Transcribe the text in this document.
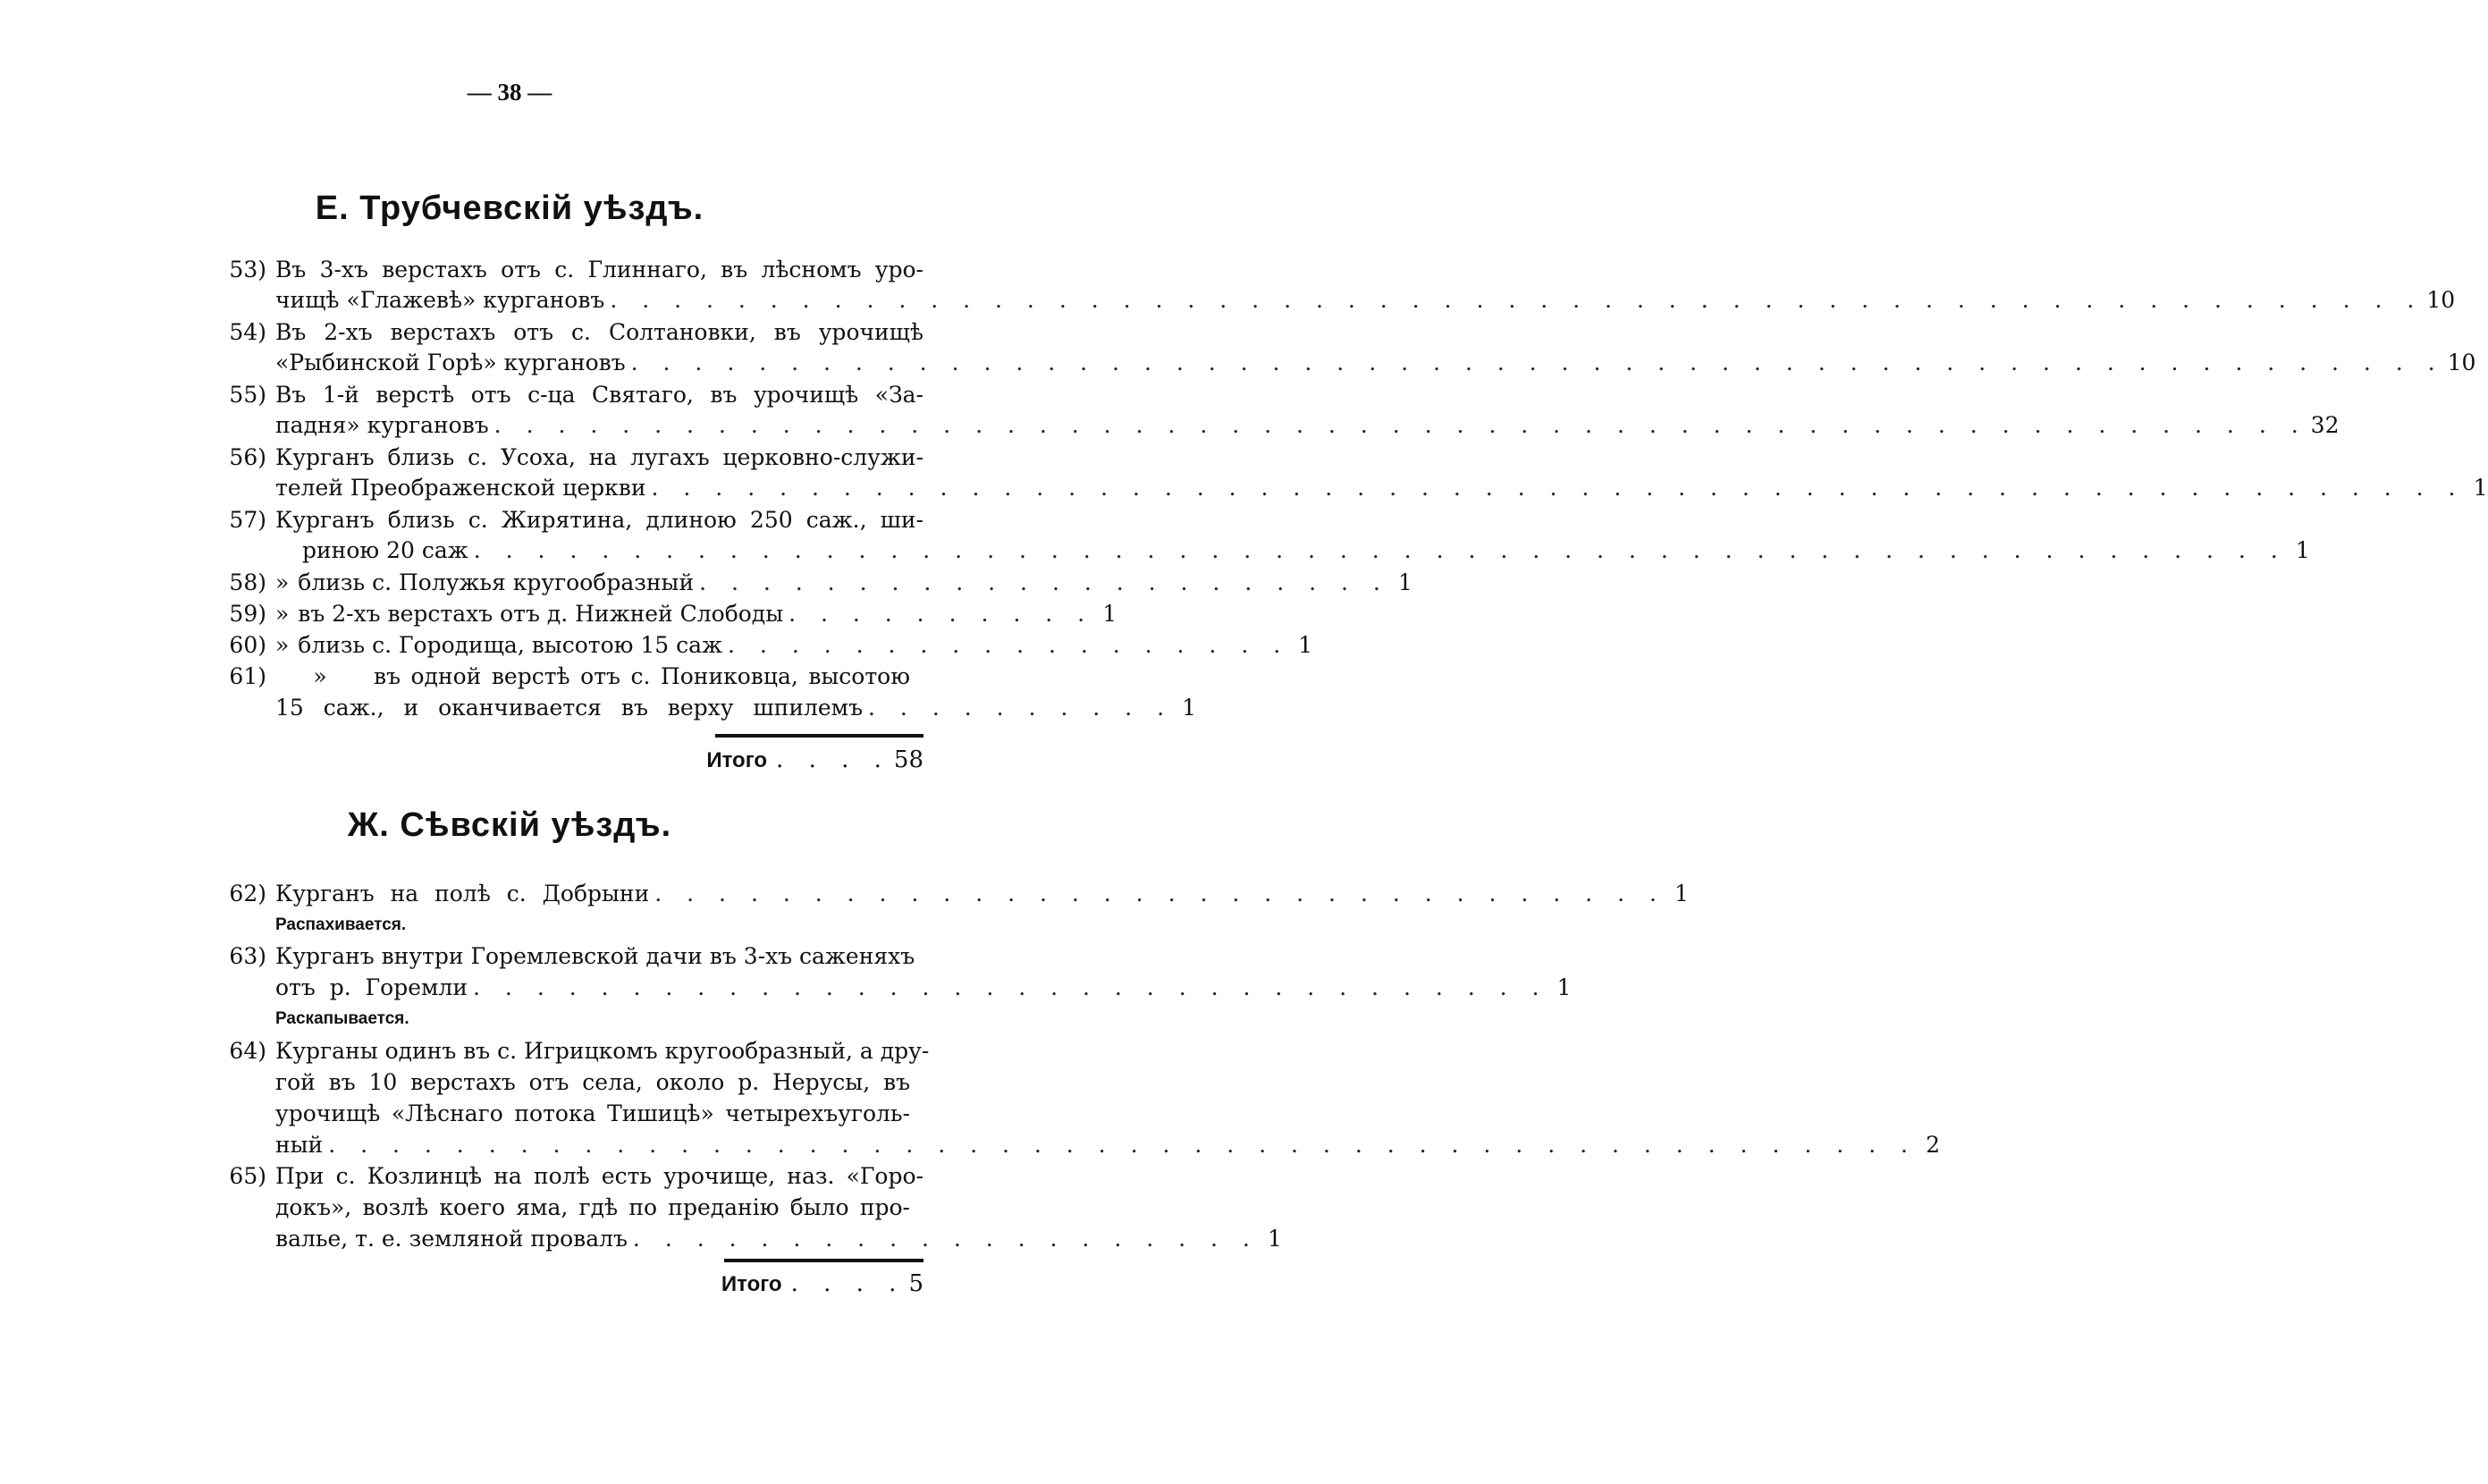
— 38 —
Е. Трубчевскій уѣздъ.
53) Въ 3-хъ верстахъ отъ с. Глиннаго, въ лѣсномъ уро-
чищѣ «Глажевѣ» кургановъ . . . . . . . . . . . . . . . . . . . . . . . . . . . . . . . . . . . . . . . . . . . . . . . . . . . . . . . . . 10
54) Въ 2-хъ верстахъ отъ с. Солтановки, въ урочищѣ
«Рыбинской Горѣ» кургановъ . . . . . . . . . . . . . . . . . . . . . . . . . . . . . . . . . . . . . . . . . . . . . . . . . . . . . . . . . 10
55) Въ 1-й верстѣ отъ с-ца Святаго, въ урочищѣ «За-
падня» кургановъ . . . . . . . . . . . . . . . . . . . . . . . . . . . . . . . . . . . . . . . . . . . . . . . . . . . . . . . . . 32
56) Курганъ близь с. Усоха, на лугахъ церковно-служи-
телей Преображенской церкви . . . . . . . . . . . . . . . . . . . . . . . . . . . . . . . . . . . . . . . . . . . . . . . . . . . . . . . . . 1
57) Курганъ близь с. Жирятина, длиною 250 саж., ши-
риною 20 саж . . . . . . . . . . . . . . . . . . . . . . . . . . . . . . . . . . . . . . . . . . . . . . . . . . . . . . . . . 1
58) » близь с. Полужья кругообразный . . . . . . . . . . . . . . . . . . . . . . 1
59) » въ 2-хъ верстахъ отъ д. Нижней Слободы . . . . . . . . . . 1
60) » близь с. Городища, высотою 15 саж . . . . . . . . . . . . . . . . . . 1
61)	»	въ одной верстѣ отъ с. Пониковца, высотою
15 саж., и оканчивается въ верху шпилемъ . . . . . . . . . . 1
Итого . . . . 58
Ж. Сѣвскій уѣздъ.
62) Курганъ на полѣ с. Добрыни . . . . . . . . . . . . . . . . . . . . . . . . . . . . . . . . 1
Распахивается.
63) Курганъ внутри Горемлевской дачи въ 3-хъ саженяхъ
отъ р. Горемли . . . . . . . . . . . . . . . . . . . . . . . . . . . . . . . . . . 1
Раскапывается.
64) Курганы одинъ въ с. Игрицкомъ кругообразный, а дру-
гой въ 10 верстахъ отъ села, около р. Нерусы, въ
урочищѣ «Лѣснаго потока Тишицѣ» четырехъуголь-
ный . . . . . . . . . . . . . . . . . . . . . . . . . . . . . . . . . . . . . . . . . . . . . . . . . . 2
65) При с. Козлинцѣ на полѣ есть урочище, наз. «Горо-
докъ», возлѣ коего яма, гдѣ по преданію было про-
валье, т. е. земляной провалъ . . . . . . . . . . . . . . . . . . . . 1
Итого . . . . 5
